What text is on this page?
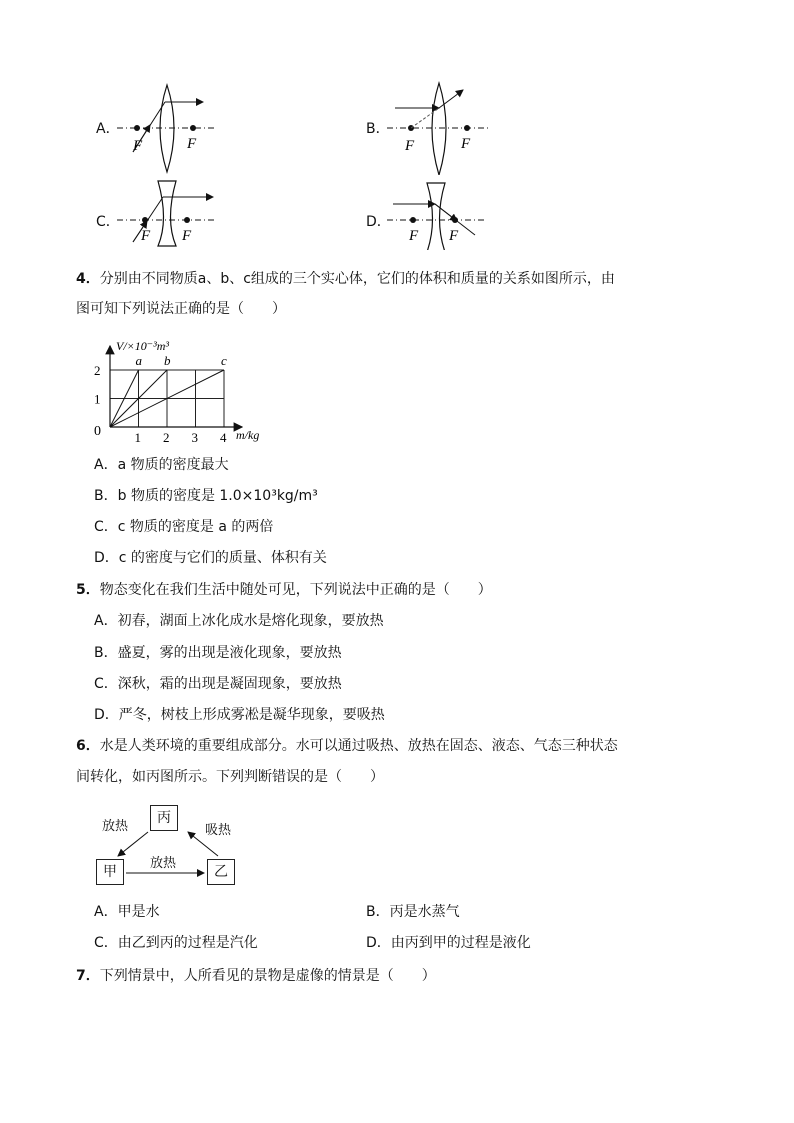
A．
F	F
B．
F	F
C．
F F
D．
F F
4．分别由不同物质a、b、c组成的三个实心体，它们的体积和质量的关系如图所示，由
图可知下列说法正确的是（　　）
a b	c
1 2 3 4
1
2
V/×10⁻³m³
m/kg
0
A．a 物质的密度最大
B．b 物质的密度是 1.0×10³kg/m³
C．c 物质的密度是 a 的两倍
D．c 的密度与它们的质量、体积有关
5．物态变化在我们生活中随处可见，下列说法中正确的是（　　）
A．初春，湖面上冰化成水是熔化现象，要放热
B．盛夏，雾的出现是液化现象，要放热
C．深秋，霜的出现是凝固现象，要放热
D．严冬，树枝上形成雾凇是凝华现象，要吸热
6．水是人类环境的重要组成部分。水可以通过吸热、放热在固态、液态、气态三种状态
间转化，如丙图所示。下列判断错误的是（　　）
丙
甲	乙
放热	吸热
放热
A．甲是水	B．丙是水蒸气
C．由乙到丙的过程是汽化	D．由丙到甲的过程是液化
7．下列情景中，人所看见的景物是虚像的情景是（　　）
